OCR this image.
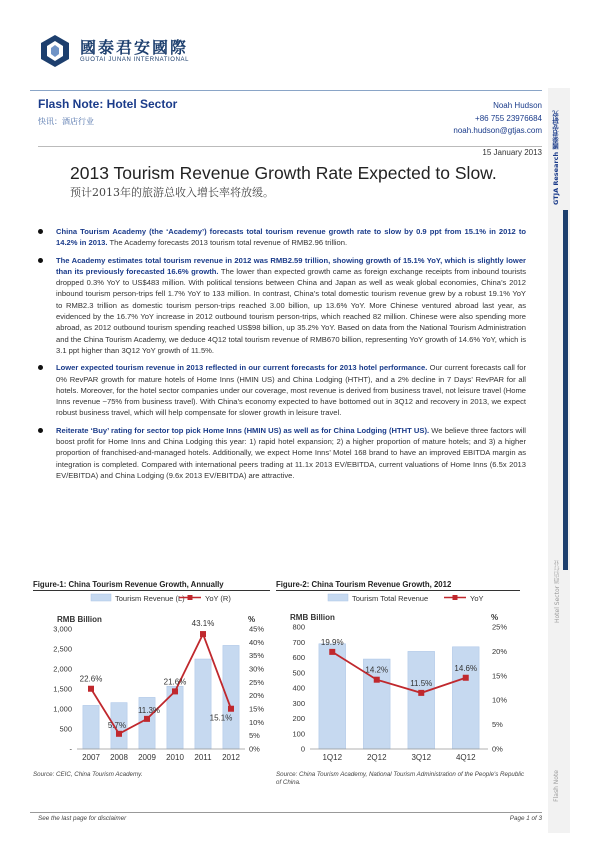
國泰君安國際
GUOTAI JUNAN INTERNATIONAL
Flash Note: Hotel Sector
快讯：酒店行业
Noah Hudson
+86 755 23976684
noah.hudson@gtjas.com
15 January 2013
2013 Tourism Revenue Growth Rate Expected to Slow.
预计2013年的旅游总收入增长率将放缓。	GTJA Research 國泰君安研究
Hotel Sector 酒店行业
Flash Note
China Tourism Academy (the ‘Academy’) forecasts total tourism revenue growth rate to slow by 0.9 ppt from 15.1% in 2012 to 14.2% in 2013. The Academy forecasts 2013 tourism total revenue of RMB2.96 trillion.
The Academy estimates total tourism revenue in 2012 was RMB2.59 trillion, showing growth of 15.1% YoY, which is slightly lower than its previously forecasted 16.6% growth. The lower than expected growth came as foreign exchange receipts from inbound tourists dropped 0.3% YoY to US$483 million. With political tensions between China and Japan as well as weak global economies, China’s 2012 inbound tourism person-trips fell 1.7% YoY to 133 million. In contrast, China’s total domestic tourism revenue grew by a robust 19.1% YoY to RMB2.3 trillion as domestic tourism person-trips reached 3.00 billion, up 13.6% YoY. More Chinese ventured abroad last year, as evidenced by the 16.7% YoY increase in 2012 outbound tourism person-trips, which reached 82 million. Chinese were also spending more abroad, as 2012 outbound tourism spending reached US$98 billion, up 35.2% YoY. Based on data from the National Tourism Administration and the China Tourism Academy, we deduce 4Q12 total tourism revenue of RMB670 billion, representing YoY growth of 14.6% YoY, which is 3.1 ppt higher than 3Q12 YoY growth of 11.5%.
Lower expected tourism revenue in 2013 reflected in our current forecasts for 2013 hotel performance. Our current forecasts call for 0% RevPAR growth for mature hotels of Home Inns (HMIN US) and China Lodging (HTHT), and a 2% decline in 7 Days’ RevPAR for all hotels. Moreover, for the hotel sector companies under our coverage, most revenue is derived from business travel, not leisure travel (Home Inns revenue ~75% from business travel). With China’s economy expected to have bottomed out in 3Q12 and recovery in 2013, we expect robust business travel, which will help compensate for slower growth in leisure travel.
Reiterate ‘Buy’ rating for sector top pick Home Inns (HMIN US) as well as for China Lodging (HTHT US). We believe three factors will boost profit for Home Inns and China Lodging this year: 1) rapid hotel expansion; 2) a higher proportion of mature hotels; and 3) a higher proportion of franchised-and-managed hotels. Additionally, we expect Home Inns’ Motel 168 brand to have an improved EBITDA margin as integration is completed. Compared with international peers trading at 11.1x 2013 EV/EBITDA, current valuations of Home Inns (6.5x 2013 EV/EBITDA) and China Lodging (9.6x 2013 EV/EBITDA) are attractive.
Figure-1: China Tourism Revenue Growth, Annually	Figure-2: China Tourism Revenue Growth, 2012
Tourism Revenue (L)	YoY (R)
RMB Billion	%
-
500
1,000
1,500
2,000
2,500
3,000
0%
5%
10%
15%
20%
25%
30%
35%
40%
45%
2007 2008 2009 2010 2011 2012
22.6%
5.7%
11.3%
21.6%
43.1%
15.1%
Tourism Total Revenue	YoY
RMB Billion	%
0
100
200
300
400
500
600
700
800
0%
5%
10%
15%
20%
25%
1Q12	2Q12	3Q12	4Q12
19.9%
14.2%
11.5%
14.6%
Source: CEIC, China Tourism Academy.	Source: China Tourism Academy, National Tourism Administration of the People's Republic of China.
See the last page for disclaimer	Page 1 of 3
